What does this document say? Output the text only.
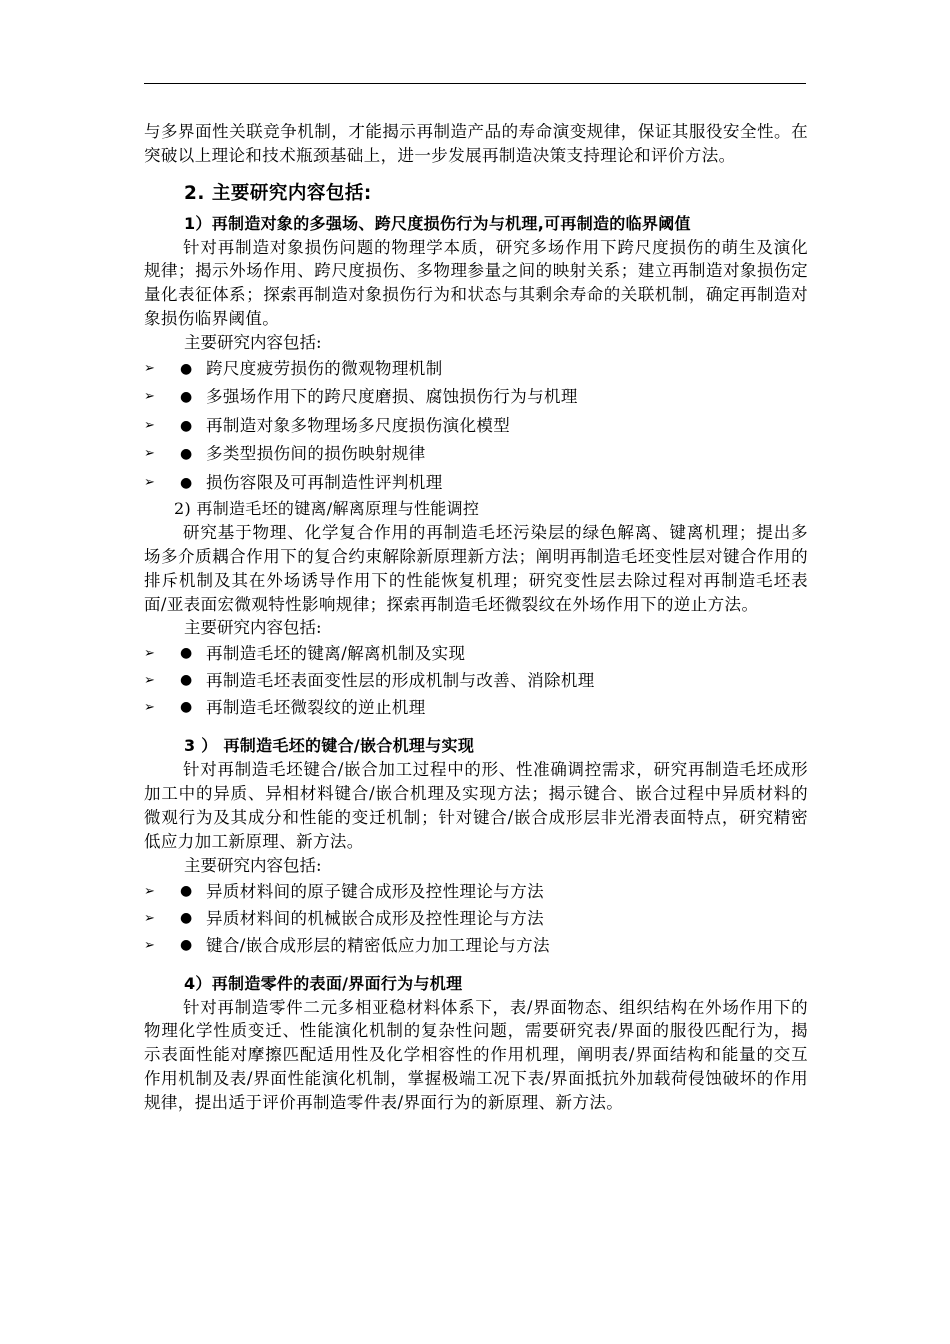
与多界面性关联竞争机制，才能揭示再制造产品的寿命演变规律，保证其服役安全性。在突破以上理论和技术瓶颈基础上，进一步发展再制造决策支持理论和评价方法。

2. 主要研究内容包括:
1）再制造对象的多强场、跨尺度损伤行为与机理,可再制造的临界阈值

针对再制造对象损伤问题的物理学本质，研究多场作用下跨尺度损伤的萌生及演化规律；揭示外场作用、跨尺度损伤、多物理参量之间的映射关系；建立再制造对象损伤定量化表征体系；探索再制造对象损伤行为和状态与其剩余寿命的关联机制，确定再制造对象损伤临界阈值。

主要研究内容包括:
➢ ● 跨尺度疲劳损伤的微观物理机制
➢ ● 多强场作用下的跨尺度磨损、腐蚀损伤行为与机理
➢ ● 再制造对象多物理场多尺度损伤演化模型
➢ ● 多类型损伤间的损伤映射规律
➢ ● 损伤容限及可再制造性评判机理
2) 再制造毛坯的键离/解离原理与性能调控

研究基于物理、化学复合作用的再制造毛坯污染层的绿色解离、键离机理；提出多场多介质耦合作用下的复合约束解除新原理新方法；阐明再制造毛坯变性层对键合作用的排斥机制及其在外场诱导作用下的性能恢复机理；研究变性层去除过程对再制造毛坯表面/亚表面宏微观特性影响规律；探索再制造毛坯微裂纹在外场作用下的逆止方法。

主要研究内容包括:
➢ ● 再制造毛坯的键离/解离机制及实现
➢ ● 再制造毛坯表面变性层的形成机制与改善、消除机理
➢ ● 再制造毛坯微裂纹的逆止机理
3 ） 再制造毛坯的键合/嵌合机理与实现

针对再制造毛坯键合/嵌合加工过程中的形、性准确调控需求，研究再制造毛坯成形加工中的异质、异相材料键合/嵌合机理及实现方法；揭示键合、嵌合过程中异质材料的微观行为及其成分和性能的变迁机制；针对键合/嵌合成形层非光滑表面特点，研究精密低应力加工新原理、新方法。

主要研究内容包括:
➢ ● 异质材料间的原子键合成形及控性理论与方法
➢ ● 异质材料间的机械嵌合成形及控性理论与方法
➢ ● 键合/嵌合成形层的精密低应力加工理论与方法
4）再制造零件的表面/界面行为与机理

针对再制造零件二元多相亚稳材料体系下，表/界面物态、组织结构在外场作用下的物理化学性质变迁、性能演化机制的复杂性问题，需要研究表/界面的服役匹配行为，揭示表面性能对摩擦匹配适用性及化学相容性的作用机理，阐明表/界面结构和能量的交互作用机制及表/界面性能演化机制，掌握极端工况下表/界面抵抗外加载荷侵蚀破坏的作用规律，提出适于评价再制造零件表/界面行为的新原理、新方法。
